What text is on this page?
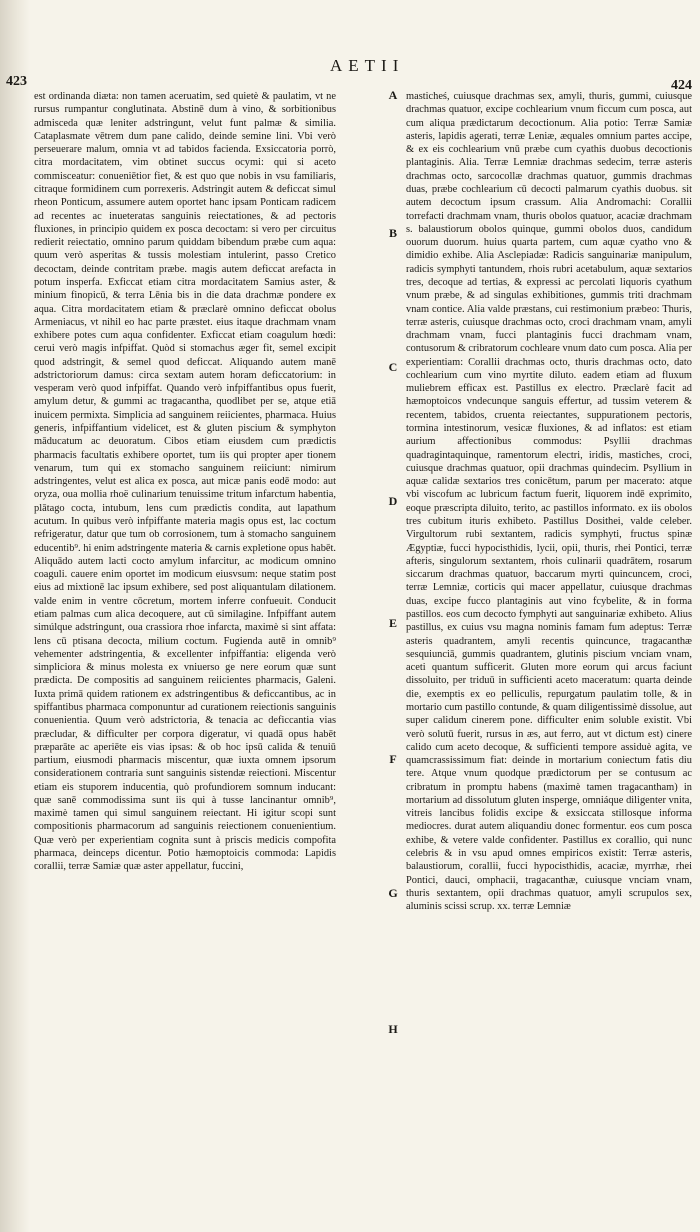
423
AETII
424

est ordinanda diæta: non tamen aceruatim, sed quietè & paulatim, vt ne rursus rumpantur conglutinata. Abstinē dum à vino, & sorbitionibus admisceda quæ leniter adstringunt, velut funt palmæ & similia. Cataplasmate vētrem dum pane calido, deinde semine lini. Vbi verò perseuerare malum, omnia vt ad tabidos facienda. Exsiccatoria porrò, citra mordacitatem, vim obtinet succus ocymi: qui si aceto commisceatur: conueniētior fiet, & est quo que nobis in vsu familiaris, citraque formidinem cum porrexeris. Adstringit autem & deficcat simul rheon Ponticum, assumere autem oportet hanc ipsam Ponticam radicem ad recentes ac inueteratas sanguinis reiectationes, & ad pectoris fluxiones, in principio quidem ex posca decoctam: si vero per circuitus redierit reiectatio, omnino parum quiddam bibendum præbe cum aqua: quum verò asperitas & tussis molestiam intulerint, passo Cretico decoctam, deinde contritam præbe. magis autem deficcat arefacta in potum insperfa. Exficcat etiam citra mordacitatem Samius aster, & minium finopicū, & terra Lēnia bis in die data drachmæ pondere ex aqua. Citra mordacitatem etiam & præclarè omnino deficcat obolus Armeniacus, vt nihil eo hac parte præstet. eius itaque drachmam vnam exhibere potes cum aqua confidenter. Exficcat etiam coagulum hœdi: cerui verò magis infpiffat. Quòd si stomachus æger fit, semel excipit quod adstringit, & semel quod deficcat. Aliquando autem manē adstrictoriorum damus: circa sextam autem horam deficcatorium: in vesperam verò quod infpiffat. Quando verò infpiffantibus opus fuerit, amylum detur, & gummi ac tragacantha, quodlibet per se, atque etiā inuicem permixta. Simplicia ad sanguinem reiicientes, pharmaca. Huius generis, infpiffantium videlicet, est & gluten piscium & symphyton māducatum ac deuoratum. Cibos etiam eiusdem cum prædictis pharmacis facultatis exhibere oportet, tum iis qui propter aper tionem venarum, tum qui ex stomacho sanguinem reiiciunt: nimirum adstringentes, velut est alica ex posca, aut micæ panis eodē modo: aut oryza, oua mollia rhoë culinarium tenuissime tritum infarctum habentia, plātago cocta, intubum, lens cum prædictis condita, aut lapathum acutum. In quibus verò infpiffante materia magis opus est, lac coctum refrigeratur, datur que tum ob corrosionem, tum à stomacho sanguinem educentib⁹. hi enim adstringente materia & carnis expletione opus habēt. Aliquādo autem lacti cocto amylum infarcitur, ac modicum omnino coaguli. cauere enim oportet im modicum eiusvsum: neque statim post eius ad mixtionē lac ipsum exhibere, sed post aliquantulam dilationem. valde enim in ventre cōcretum, mortem inferre confueuit. Conducit etiam palmas cum alica decoquere, aut cū similagine. Infpiffant autem simúlque adstringunt, oua crassiora rhoe infarcta, maximè si sint affata: lens cū ptisana decocta, milium coctum. Fugienda autē in omnib⁹ vehementer adstringentia, & excellenter infpiffantia: eligenda verò simpliciora & minus molesta ex vniuerso ge nere eorum quæ sunt prædicta. De compositis ad sanguinem reiicientes pharmacis, Galeni. Iuxta primā quidem rationem ex adstringentibus & deficcantibus, ac in spiffantibus pharmaca componuntur ad curationem reiectionis sanguinis conuenientia. Quum verò adstrictoria, & tenacia ac deficcantia vias præcludar, & difficulter per corpora digeratur, vi quadā opus habēt præparāte ac aperiēte eis vias ipsas: & ob hoc ipsū calida & tenuiū partium, eiusmodi pharmacis miscentur, quæ iuxta omnem ipsorum considerationem contraria sunt sanguinis sistendæ reiectioni. Miscentur etiam eis stuporem inducentia, quò profundiorem somnum inducant: quæ sanē commodissima sunt iis qui à tusse lancinantur omnib⁹, maximè tamen qui simul sanguinem reiectant. Hi igitur scopi sunt compositionis pharmacorum ad sanguinis reiectionem conuenientium. Quæ verò per experientiam cognita sunt à priscis medicis compofita pharmaca, deinceps dicentur. Potio hæmoptoicis commoda: Lapidis corallii, terræ Samiæ quæ aster appellatur, fuccini,

A
B
C
D
E
F
G
H

masticheś, cuiusque drachmas sex, amyli, thuris, gummi, cuiusque drachmas quatuor, excipe cochlearium vnum ficcum cum posca, aut cum aliqua prædictarum decoctionum. Alia potio: Terræ Samiæ asteris, lapidis agerati, terræ Leniæ, æquales omnium partes accipe, & ex eis cochlearium vnū præbe cum cyathis duobus decoctionis plantaginis. Alia. Terræ Lemniæ drachmas sedecim, terræ asteris drachmas octo, sarcocollæ drachmas quatuor, gummis drachmas duas, præbe cochlearium cū decocti palmarum cyathis duobus. sit autem decoctum ipsum crassum. Alia Andromachi: Corallii torrefacti drachmam vnam, thuris obolos quatuor, acaciæ drachmam s. balaustiorum obolos quinque, gummi obolos duos, candidum ouorum duorum. huius quarta partem, cum aquæ cyatho vno & dimidio exhibe. Alia Asclepiadæ: Radicis sanguinariæ manipulum, radicis symphyti tantundem, rhois rubri acetabulum, aquæ sextarios tres, decoque ad tertias, & expressi ac percolati liquoris cyathum vnum præbe, & ad singulas exhibitiones, gummis triti drachmam vnam contice. Alia valde præstans, cui restimonium præbeo: Thuris, terræ asteris, cuiusque drachmas octo, croci drachmam vnam, amyli drachmam vnam, fucci plantaginis fucci drachmam vnam, contusorum & cribratorum cochleare vnum dato cum posca. Alia per experientiam: Corallii drachmas octo, thuris drachmas octo, dato cochlearium cum vino myrtite diluto. eadem etiam ad fluxum muliebrem efficax est. Pastillus ex electro. Præclarè facit ad hæmoptoicos vndecunque sanguis effertur, ad tussim veterem & recentem, tabidos, cruenta reiectantes, suppurationem pectoris, tormina intestinorum, vesicæ fluxiones, & ad inflatos: est etiam aurium affectionibus commodus: Psyllii drachmas quadragintaquinque, ramentorum electri, iridis, mastiches, croci, cuiusque drachmas quatuor, opii drachmas quindecim. Psyllium in aquæ calidæ sextarios tres conicētum, parum per macerato: atque vbi viscofum ac lubricum factum fuerit, liquorem indē exprimito, eoque præscripta diluito, terito, ac pastillos informato. ex iis obolos tres cubitum ituris exhibeto. Pastillus Dosithei, valde celeber. Virgultorum rubi sextantem, radicis symphyti, fructus spinæ Ægyptiæ, fucci hypocisthidis, lycii, opii, thuris, rhei Pontici, terræ afteris, singulorum sextantem, rhois culinarii quadrātem, rosarum siccarum drachmas quatuor, baccarum myrti quincuncem, croci, terræ Lemniæ, corticis qui macer appellatur, cuiusque drachmas duas, excipe fucco plantaginis aut vino fcybelite, & in forma pastillos. eos cum decocto fymphyti aut sanguinariæ exhibeto. Alius pastillus, ex cuius vsu magna nominis famam fum adeptus: Terræ asteris quadrantem, amyli recentis quincunce, tragacanthæ sesquiunciā, gummis quadrantem, glutinis piscium vnciam vnam, aceti quantum sufficerit. Gluten more eorum qui arcus faciunt dissoluito, per triduū in sufficienti aceto maceratum: quarta deinde die, exemptis ex eo pelliculis, repurgatum paulatim tolle, & in mortario cum pastillo contunde, & quam diligentissimè dissolue, aut super calidum cinerem pone. difficulter enim soluble existit. Vbi verò solutū fuerit, rursus in æs, aut ferro, aut vt dictum est) cinere calido cum aceto decoque, & sufficienti tempore assiduè agita, ve quamcrassissimum fiat: deinde in mortarium coniectum fatis diu tere. Atque vnum quodque prædictorum per se contusum ac cribratum in promptu habens (maximè tamen tragacantham) in mortarium ad dissolutum gluten insperge, omniáque diligenter vnita, vitreis lancibus folidis excipe & exsiccata stillosque informa mediocres. durat autem aliquandiu donec formentur. eos cum posca exhibe, & vetere valde confidenter. Pastillus ex corallio, qui nunc celebris & in vsu apud omnes empiricos existit: Terræ asteris, balaustiorum, corallii, fucci hypocisthidis, acaciæ, myrrhæ, rhei Pontici, dauci, omphacii, tragacanthæ, cuiusque vnciam vnam, thuris sextantem, opii drachmas quatuor, amyli scrupulos sex, aluminis scissi scrup. xx. terræ Lemniæ
